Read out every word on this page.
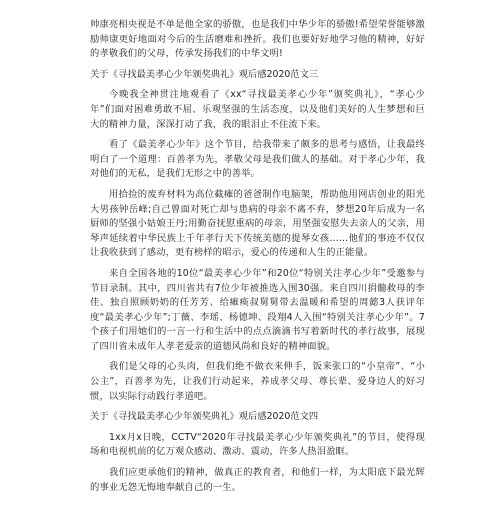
帅康亮相央视是不单是他全家的骄傲，也是我们中华少年的骄傲!希望荣誉能够激励帅康更好地面对今后的生活磨难和挫折。我们也要好好地学习他的精神，好好的孝敬我们的父母，传承发扬我们的中华文明!

关于《寻找最美孝心少年颁奖典礼》观后感2020范文三

今晚我全神贯注地观看了《xx“寻找最美孝心少年”颁奖典礼》，“孝心少年”们面对困难勇敢不屈、乐观坚强的生活态度，以及他们美好的人生梦想和巨大的精神力量，深深打动了我，我的眼泪止不住流下来。

看了《最美孝心少年》这个节目，给我带来了颇多的思考与感悟，让我最终明白了一个道理：百善孝为先，孝敬父母是我们做人的基础。对于孝心少年，我对他们的无私，是我们无形之中的善举。

用拾捡的废弃材料为高位截瘫的爸爸制作电脑架，帮助他用网店创业的阳光大男孩钟岳峰;自己曾面对死亡却与患病的母亲不离不弃，梦想20年后成为一名厨师的坚强小姑娘王丹;用勤奋抚慰重病的母亲，用坚强安慰失去亲人的父亲，用琴声延续着中华民族上千年孝行天下传统美德的提琴女孩……他们的事迹不仅仅让我收获到了感动，更有榜样的昭示，爱心的传递和人生的正能量。

来自全国各地的10位“最美孝心少年”和20位“特别关注孝心少年”受邀参与节目录制。其中，四川省共有7位少年被推选入围30强。来自四川捐髓救母的李佳、独自照顾奶奶的任芳芳、给瘫痪叔舅舅带去温暖和希望的周懿3人获评年度“最美孝心少年”;丁薇、李瑶、杨德坤、段翔4人入围“特别关注孝心少年”。7个孩子们用她们的一言一行和生活中的点点滴滴书写着新时代的孝行故事，展现了四川省未成年人孝老爱亲的道德风尚和良好的精神面貌。

我们是父母的心头肉，但我们绝不做衣来伸手，饭来张口的“小皇帝”、“小公主”，百善孝为先，让我们行动起来，养成孝父母、尊长辈、爱身边人的好习惯，以实际行动践行孝道吧。

关于《寻找最美孝心少年颁奖典礼》观后感2020范文四

1xx月x日晚，CCTV“2020年寻找最美孝心少年颁奖典礼”的节目，使得现场和电视机前的亿万观众感动、激动、震动，许多人热泪盈眶。

我们应更承他们的精神，做真正的教育者，和他们一样，为太阳底下最光辉的事业无怨无悔地奉献自己的一生。
